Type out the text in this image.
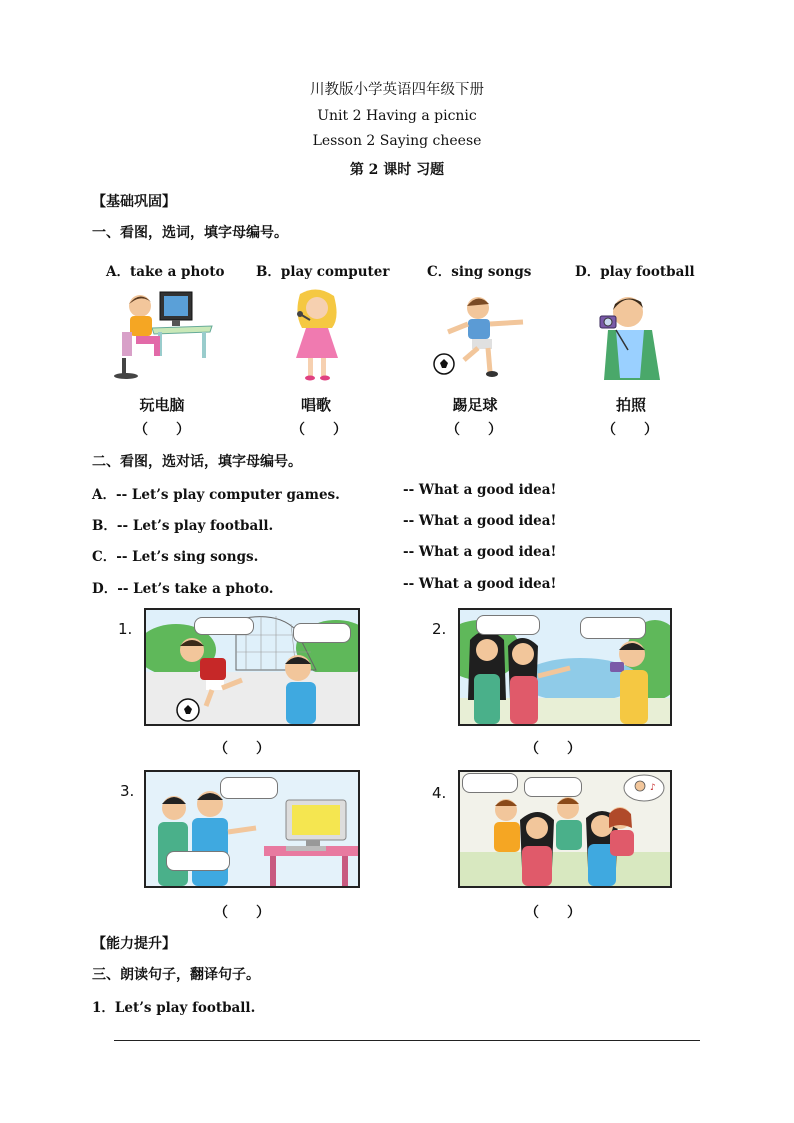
川教版小学英语四年级下册
Unit 2 Having a picnic
Lesson 2 Saying cheese
第 2 课时 习题
【基础巩固】
一、看图，选词，填字母编号。
A．take a photo B．play computer	C．sing songs	D．play football
玩电脑	唱歌	踢足球	拍照
（　　）	（　　）	（　　）	（　　）
二、看图，选对话，填字母编号。
A．-- Let’s play computer games.	-- What a good idea!
B．-- Let’s play football.	-- What a good idea!
C．-- Let’s sing songs.	-- What a good idea!
D．-- Let’s take a photo.	-- What a good idea!
1.
（　　）
2.
（　　）
3.
（　　）
4.	♪
（　　）
【能力提升】
三、朗读句子，翻译句子。
1．Let’s play football.
